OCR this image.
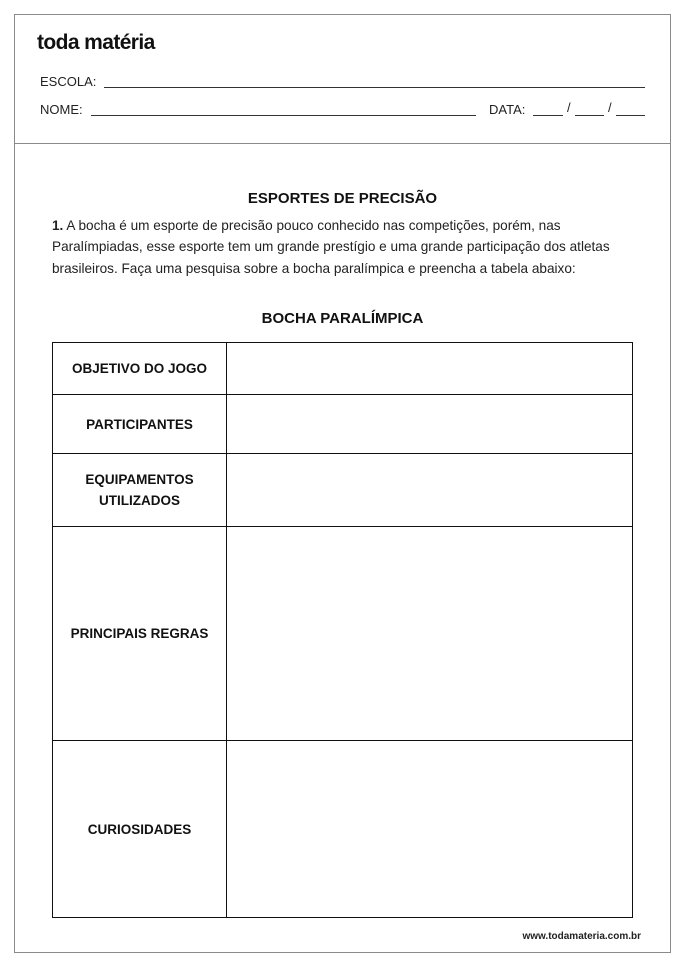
toda matéria
ESCOLA:
NOME:	DATA:	/	/
ESPORTES DE PRECISÃO
1. A bocha é um esporte de precisão pouco conhecido nas competições, porém, nas Paralímpiadas, esse esporte tem um grande prestígio e uma grande participação dos atletas brasileiros. Faça uma pesquisa sobre a bocha paralímpica e preencha a tabela abaixo:
BOCHA PARALÍMPICA
OBJETIVO DO JOGO	
PARTICIPANTES	
EQUIPAMENTOS UTILIZADOS	
PRINCIPAIS REGRAS	
CURIOSIDADES	
www.todamateria.com.br
